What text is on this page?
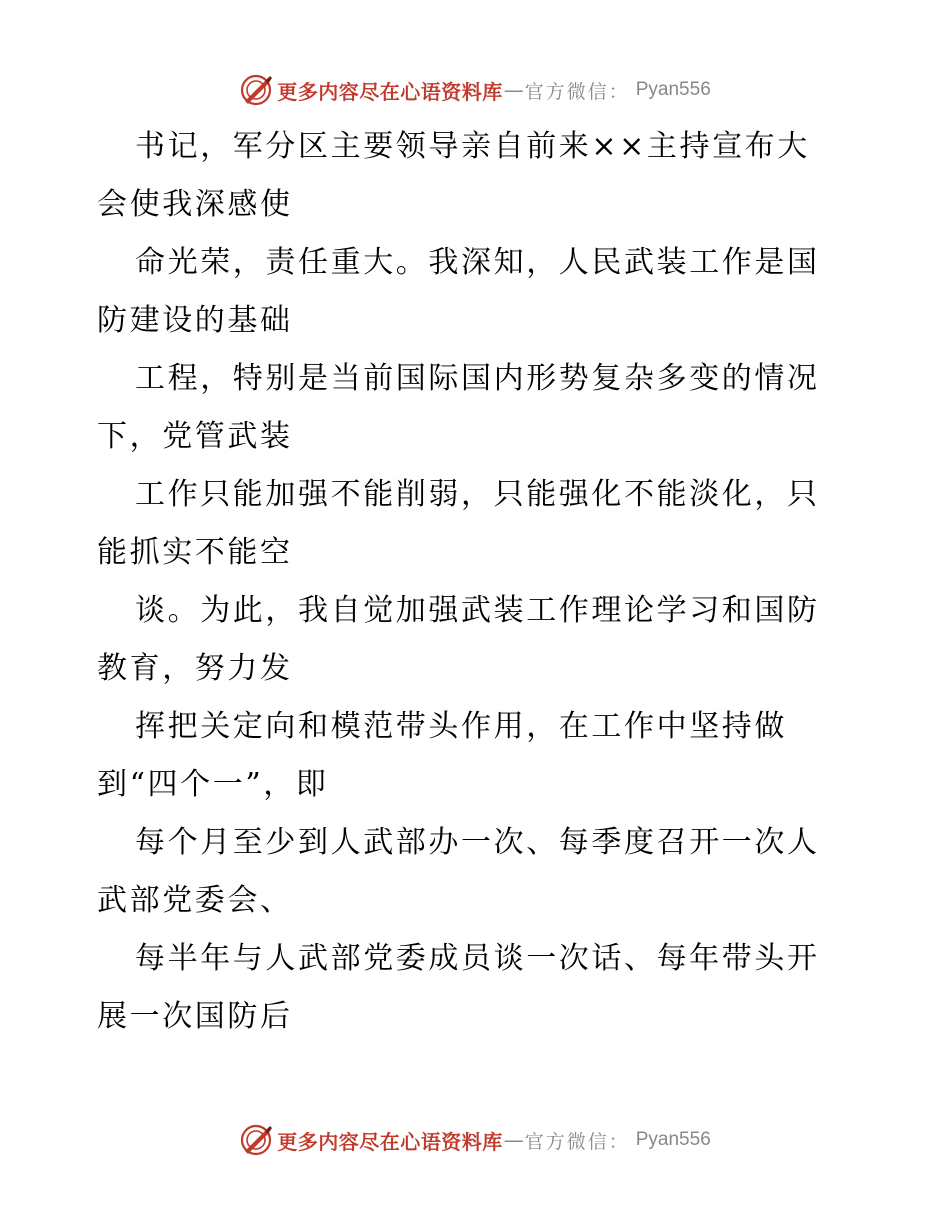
更多内容尽在心语资料库 — 官方微信： Pyan556
书记，军分区主要领导亲自前来××主持宣布大
会使我深感使
命光荣，责任重大。我深知，人民武装工作是国
防建设的基础
工程，特别是当前国际国内形势复杂多变的情况
下，党管武装
工作只能加强不能削弱，只能强化不能淡化，只
能抓实不能空
谈。为此，我自觉加强武装工作理论学习和国防
教育，努力发
挥把关定向和模范带头作用，在工作中坚持做
到“四个一”，即
每个月至少到人武部办一次、每季度召开一次人
武部党委会、
每半年与人武部党委成员谈一次话、每年带头开
展一次国防后
更多内容尽在心语资料库 — 官方微信： Pyan556
